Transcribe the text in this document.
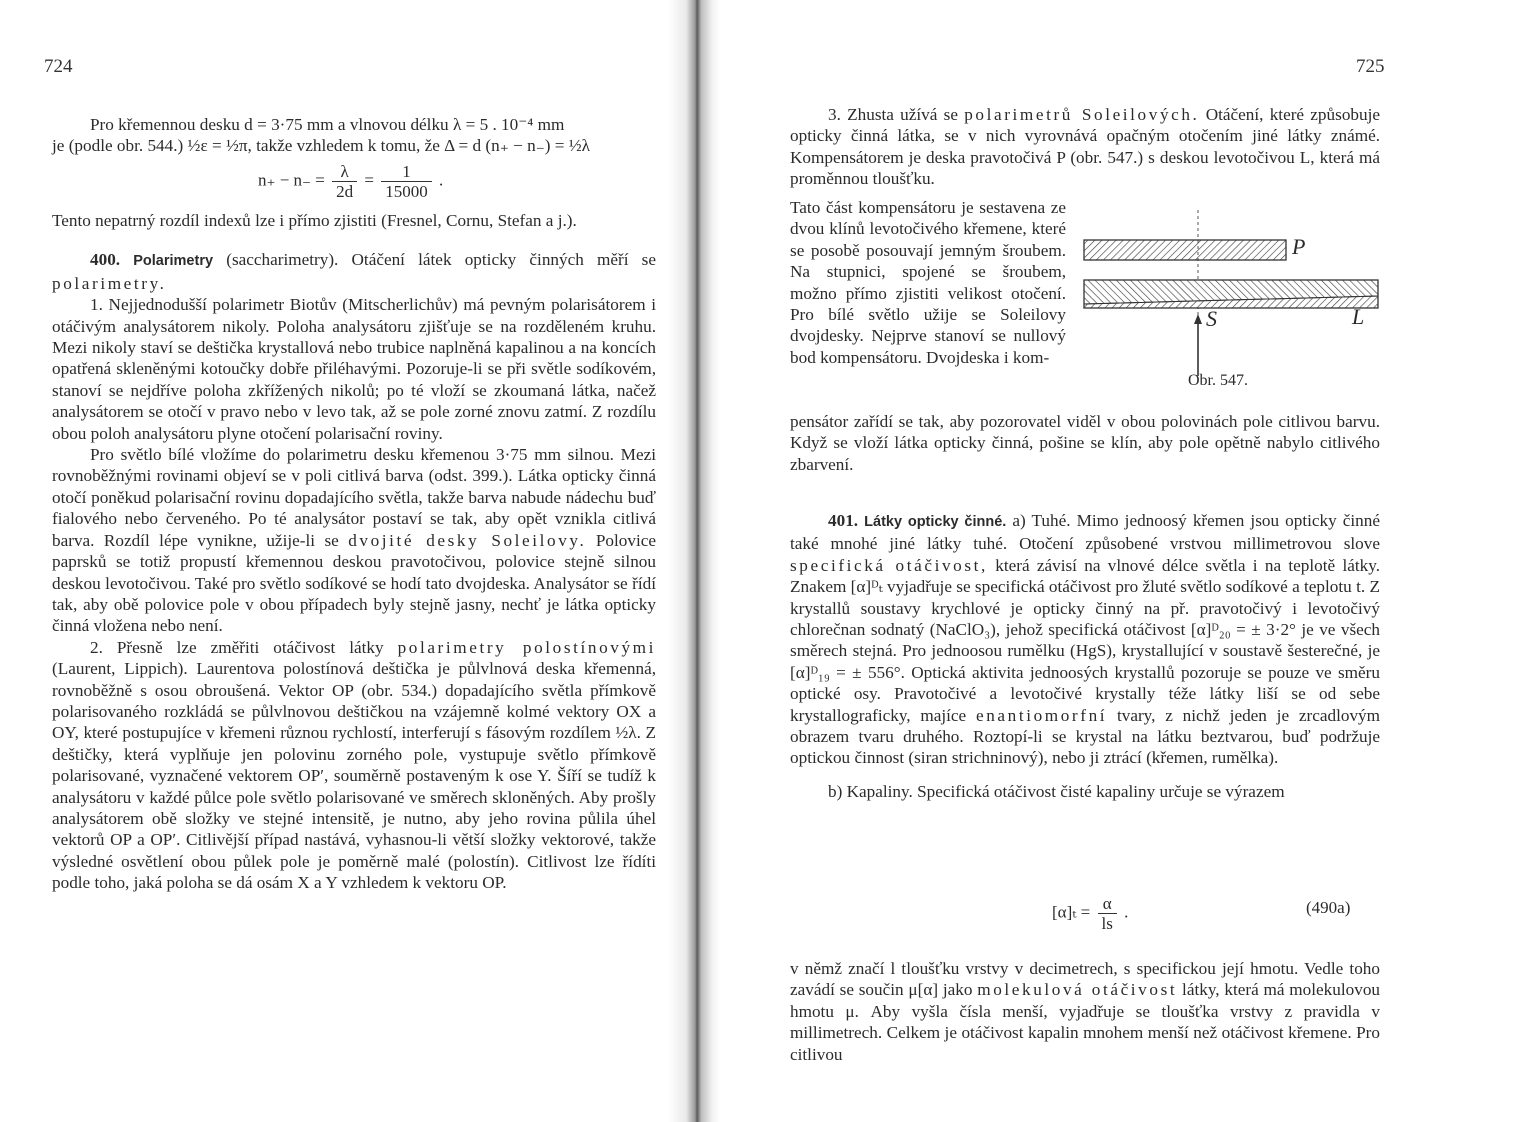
724

Pro křemennou desku d = 3·75 mm a vlnovou délku λ = 5 . 10⁻⁴ mm

je (podle obr. 544.) ½ε = ½π, takže vzhledem k tomu, že Δ = d (n₊ − n₋) = ½λ

$n_+ - n_- = \frac{\lambda}{2d} = \frac{1}{15000}$ .

Tento nepatrný rozdíl indexů lze i přímo zjistiti (Fresnel, Cornu, Stefan a j.).

400. Polarimetry (saccharimetry). Otáčení látek opticky činných měří se polarimetry.

1. Nejjednodušší polarimetr Biotův (Mitscherlichův) má pevným polarisátorem i otáčivým analysátorem nikoly. Poloha analysátoru zjišťuje se na rozděleném kruhu. Mezi nikoly staví se deštička krystallová nebo trubice naplněná kapalinou a na koncích opatřená skleněnými kotoučky dobře přiléhavými. Pozoruje-li se při světle sodíkovém, stanoví se nejdříve poloha zkřížených nikolů; po té vloží se zkoumaná látka, načež analysátorem se otočí v pravo nebo v levo tak, až se pole zorné znovu zatmí. Z rozdílu obou poloh analysátoru plyne otočení polarisační roviny.

Pro světlo bílé vložíme do polarimetru desku křemenou 3·75 mm silnou. Mezi rovnoběžnými rovinami objeví se v poli citlivá barva (odst. 399.). Látka opticky činná otočí poněkud polarisační rovinu dopadajícího světla, takže barva nabude nádechu buď fialového nebo červeného. Po té analysátor postaví se tak, aby opět vznikla citlivá barva. Rozdíl lépe vynikne, užije-li se dvojité desky Soleilovy. Polovice paprsků se totiž propustí křemennou deskou pravotočivou, polovice stejně silnou deskou levotočivou. Také pro světlo sodíkové se hodí tato dvojdeska. Analysátor se řídí tak, aby obě polovice pole v obou případech byly stejně jasny, nechť je látka opticky činná vložena nebo není.

2. Přesně lze změřiti otáčivost látky polarimetry polostínovými (Laurent, Lippich). Laurentova polostínová deštička je půlvlnová deska křemenná, rovnoběžně s osou obroušená. Vektor OP (obr. 534.) dopadajícího světla přímkově polarisovaného rozkládá se půlvlnovou deštičkou na vzájemně kolmé vektory OX a OY, které postupujíce v křemeni různou rychlostí, interferují s fásovým rozdílem ½λ. Z deštičky, která vyplňuje jen polovinu zorného pole, vystupuje světlo přímkově polarisované, vyznačené vektorem OP′, souměrně postaveným k ose Y. Šíří se tudíž k analysátoru v každé půlce pole světlo polarisované ve směrech skloněných. Aby prošly analysátorem obě složky ve stejné intensitě, je nutno, aby jeho rovina půlila úhel vektorů OP a OP′. Citlivější případ nastává, vyhasnou-li větší složky vektorové, takže výsledné osvětlení obou půlek pole je poměrně malé (polostín). Citlivost lze řídíti podle toho, jaká poloha se dá osám X a Y vzhledem k vektoru OP.

725

3. Zhusta užívá se polarimetrů Soleilových. Otáčení, které způsobuje opticky činná látka, se v nich vyrovnává opačným otočením jiné látky známé. Kompensátorem je deska pravotočivá P (obr. 547.) s deskou levotočivou L, která má proměnnou tloušťku.

Tato část kompensátoru je sestavena ze dvou klínů levotočivého křemene, které se posobě posouvají jemným šroubem. Na stupnici, spojené se šroubem, možno přímo zjistiti velikost otočení. Pro bílé světlo užije se Soleilovy dvojdesky. Nejprve stanoví se nullový bod kompensátoru. Dvojdeska i kom-

pensátor zařídí se tak, aby pozorovatel viděl v obou polovinách pole citlivou barvu. Když se vloží látka opticky činná, pošine se klín, aby pole opětně nabylo citlivého zbarvení.

P
S	L
Obr. 547.

401. Látky opticky činné. a) Tuhé. Mimo jednoosý křemen jsou opticky činné také mnohé jiné látky tuhé. Otočení způsobené vrstvou millimetrovou slove specifická otáčivost, která závisí na vlnové délce světla i na teplotě látky. Znakem [α]ᴰₜ vyjadřuje se specifická otáčivost pro žluté světlo sodíkové a teplotu t. Z krystallů soustavy krychlové je opticky činný na př. pravotočivý i levotočivý chlorečnan sodnatý (NaClO₃), jehož specifická otáčivost [α]ᴰ₂₀ = ± 3·2° je ve všech směrech stejná. Pro jednoosou rumělku (HgS), krystallující v soustavě šesterečné, je [α]ᴰ₁₉ = ± 556°. Optická aktivita jednoosých krystallů pozoruje se pouze ve směru optické osy. Pravotočivé a levotočivé krystally téže látky liší se od sebe krystallograficky, majíce enantiomorfní tvary, z nichž jeden je zrcadlovým obrazem tvaru druhého. Roztopí-li se krystal na látku beztvarou, buď podržuje optickou činnost (siran strichninový), nebo ji ztrácí (křemen, rumělka).

b) Kapaliny. Specifická otáčivost čisté kapaliny určuje se výrazem

$[\alpha]_t = \frac{\alpha}{ls}$ .	(490a)

v němž značí l tloušťku vrstvy v decimetrech, s specifickou její hmotu. Vedle toho zavádí se součin μ[α] jako molekulová otáčivost látky, která má molekulovou hmotu μ. Aby vyšla čísla menší, vyjadřuje se tloušťka vrstvy z pravidla v millimetrech. Celkem je otáčivost kapalin mnohem menší než otáčivost křemene. Pro citlivou
